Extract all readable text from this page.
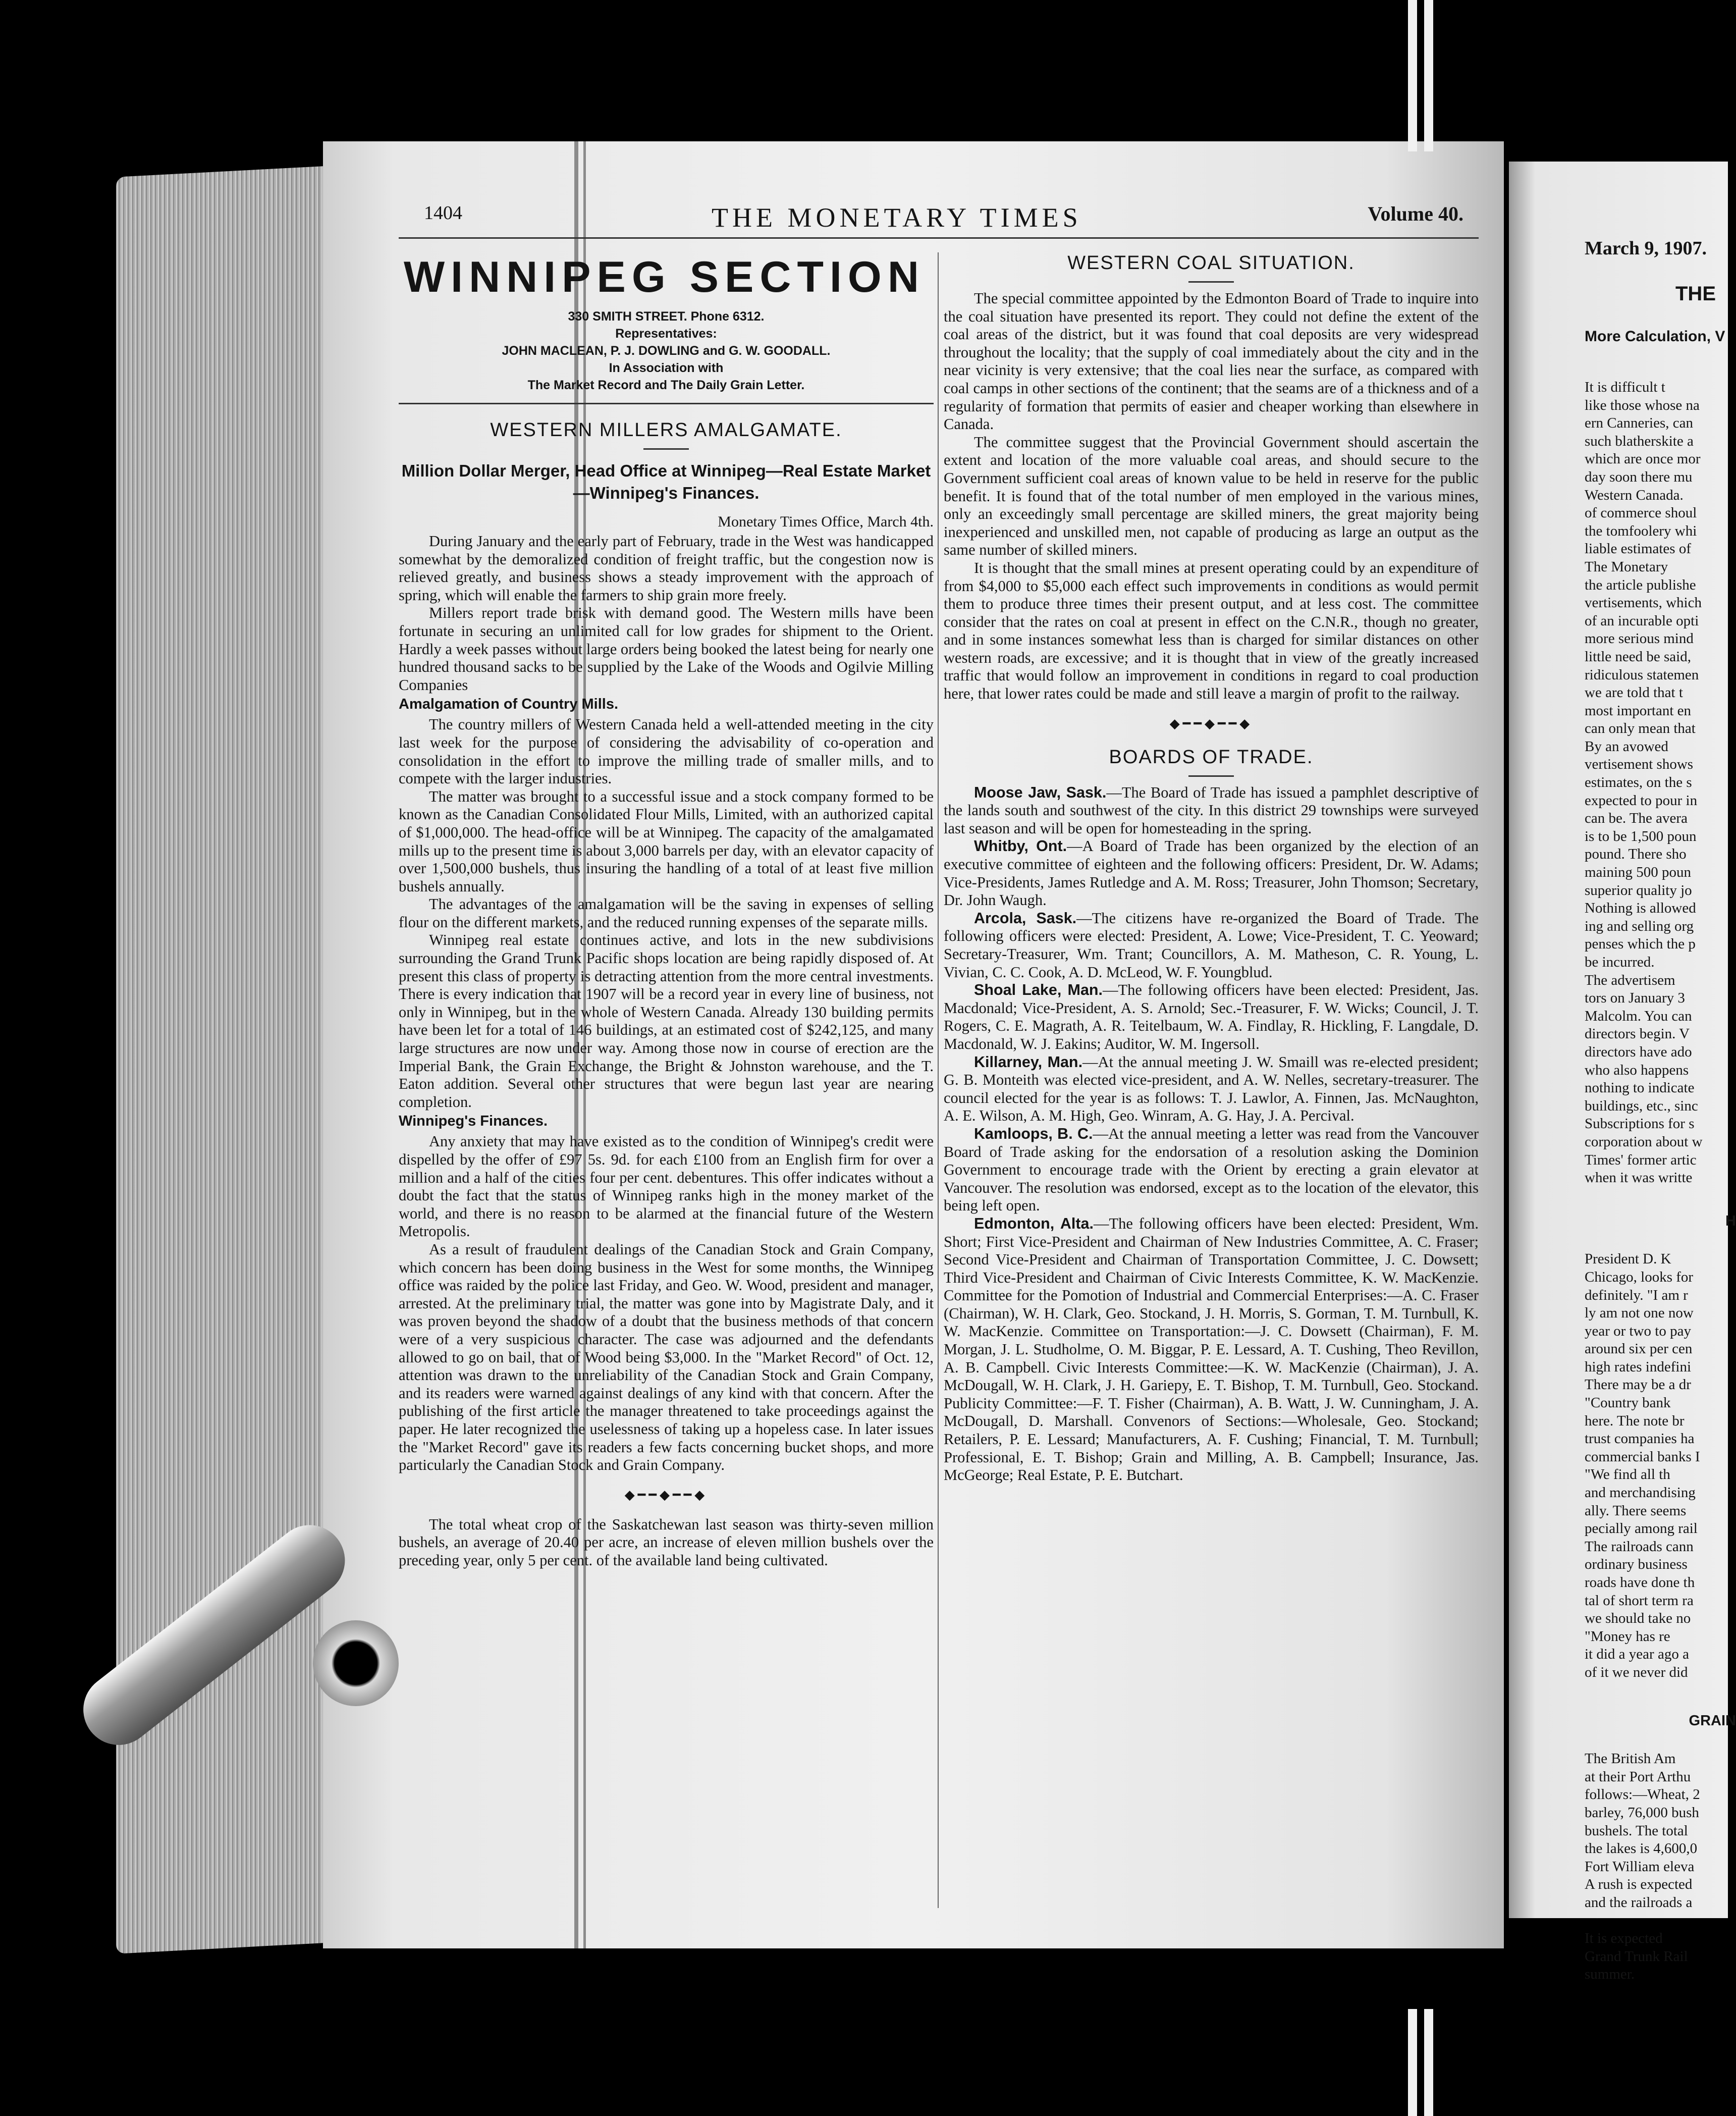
March 9, 1907.
THE
More Calculation, V
It is difficult t
like those whose na
ern Canneries, can
such blatherskite a
which are once mor
day soon there mu
Western Canada.
of commerce shoul
the tomfoolery whi
liable estimates of
The Monetary
the article publishe
vertisements, which
of an incurable opti
more serious mind
little need be said,
ridiculous statemen
we are told that t
most important en
can only mean that
By an avowed
vertisement shows
estimates, on the s
expected to pour in
can be. The avera
is to be 1,500 poun
pound. There sho
maining 500 poun
superior quality jo
Nothing is allowed
ing and selling org
penses which the p
be incurred.
The advertisem
tors on January 3
Malcolm. You can
directors begin. V
directors have ado
who also happens
nothing to indicate
buildings, etc., sinc
Subscriptions for s
corporation about w
Times' former artic
when it was writte
H
President D. K
Chicago, looks for
definitely. "I am r
ly am not one now
year or two to pay
around six per cen
high rates indefini
There may be a dr
"Country bank
here. The note br
trust companies ha
commercial banks I
"We find all th
and merchandising
ally. There seems
pecially among rail
The railroads cann
ordinary business
roads have done th
tal of short term ra
we should take no
"Money has re
it did a year ago a
of it we never did
GRAIN
The British Am
at their Port Arthu
follows:—Wheat, 2
barley, 76,000 bush
bushels. The total
the lakes is 4,600,0
Fort William eleva
A rush is expected
and the railroads a

It is expected
Grand Trunk Rail
summer.
1404	THE MONETARY TIMES	Volume 40.
WINNIPEG SECTION
330 SMITH STREET. Phone 6312.
Representatives:
JOHN MACLEAN, P. J. DOWLING and G. W. GOODALL.
In Association with
The Market Record and The Daily Grain Letter.
WESTERN MILLERS AMALGAMATE.
Million Dollar Merger, Head Office at Winnipeg—Real Estate Market—Winnipeg's Finances.
Monetary Times Office, March 4th.

During January and the early part of February, trade in the West was handicapped somewhat by the demoralized condition of freight traffic, but the congestion now is relieved greatly, and business shows a steady improvement with the approach of spring, which will enable the farmers to ship grain more freely.

Millers report trade brisk with demand good. The Western mills have been fortunate in securing an unlimited call for low grades for shipment to the Orient. Hardly a week passes without large orders being booked the latest being for nearly one hundred thousand sacks to be supplied by the Lake of the Woods and Ogilvie Milling Companies

Amalgamation of Country Mills.

The country millers of Western Canada held a well-attended meeting in the city last week for the purpose of considering the advisability of co-operation and consolidation in the effort to improve the milling trade of smaller mills, and to compete with the larger industries.

The matter was brought to a successful issue and a stock company formed to be known as the Canadian Consolidated Flour Mills, Limited, with an authorized capital of $1,000,000. The head-office will be at Winnipeg. The capacity of the amalgamated mills up to the present time is about 3,000 barrels per day, with an elevator capacity of over 1,500,000 bushels, thus insuring the handling of a total of at least five million bushels annually.

The advantages of the amalgamation will be the saving in expenses of selling flour on the different markets, and the reduced running expenses of the separate mills.

Winnipeg real estate continues active, and lots in the new subdivisions surrounding the Grand Trunk Pacific shops location are being rapidly disposed of. At present this class of property is detracting attention from the more central investments. There is every indication that 1907 will be a record year in every line of business, not only in Winnipeg, but in the whole of Western Canada. Already 130 building permits have been let for a total of 146 buildings, at an estimated cost of $242,125, and many large structures are now under way. Among those now in course of erection are the Imperial Bank, the Grain Exchange, the Bright & Johnston warehouse, and the T. Eaton addition. Several other structures that were begun last year are nearing completion.

Winnipeg's Finances.

Any anxiety that may have existed as to the condition of Winnipeg's credit were dispelled by the offer of £97 5s. 9d. for each £100 from an English firm for over a million and a half of the cities four per cent. debentures. This offer indicates without a doubt the fact that the status of Winnipeg ranks high in the money market of the world, and there is no reason to be alarmed at the financial future of the Western Metropolis.

As a result of fraudulent dealings of the Canadian Stock and Grain Company, which concern has been doing business in the West for some months, the Winnipeg office was raided by the police last Friday, and Geo. W. Wood, president and manager, arrested. At the preliminary trial, the matter was gone into by Magistrate Daly, and it was proven beyond the shadow of a doubt that the business methods of that concern were of a very suspicious character. The case was adjourned and the defendants allowed to go on bail, that of Wood being $3,000. In the "Market Record" of Oct. 12, attention was drawn to the unreliability of the Canadian Stock and Grain Company, and its readers were warned against dealings of any kind with that concern. After the publishing of the first article the manager threatened to take proceedings against the paper. He later recognized the uselessness of taking up a hopeless case. In later issues the "Market Record" gave its readers a few facts concerning bucket shops, and more particularly the Canadian Stock and Grain Company.

◆━━◆━━◆

The total wheat crop of the Saskatchewan last season was thirty-seven million bushels, an average of 20.40 per acre, an increase of eleven million bushels over the preceding year, only 5 per cent. of the available land being cultivated.

WESTERN COAL SITUATION.

The special committee appointed by the Edmonton Board of Trade to inquire into the coal situation have presented its report. They could not define the extent of the coal areas of the district, but it was found that coal deposits are very widespread throughout the locality; that the supply of coal immediately about the city and in the near vicinity is very extensive; that the coal lies near the surface, as compared with coal camps in other sections of the continent; that the seams are of a thickness and of a regularity of formation that permits of easier and cheaper working than elsewhere in Canada.

The committee suggest that the Provincial Government should ascertain the extent and location of the more valuable coal areas, and should secure to the Government sufficient coal areas of known value to be held in reserve for the public benefit. It is found that of the total number of men employed in the various mines, only an exceedingly small percentage are skilled miners, the great majority being inexperienced and unskilled men, not capable of producing as large an output as the same number of skilled miners.

It is thought that the small mines at present operating could by an expenditure of from $4,000 to $5,000 each effect such improvements in conditions as would permit them to produce three times their present output, and at less cost. The committee consider that the rates on coal at present in effect on the C.N.R., though no greater, and in some instances somewhat less than is charged for similar distances on other western roads, are excessive; and it is thought that in view of the greatly increased traffic that would follow an improvement in conditions in regard to coal production here, that lower rates could be made and still leave a margin of profit to the railway.

◆━━◆━━◆
BOARDS OF TRADE.

Moose Jaw, Sask.—The Board of Trade has issued a pamphlet descriptive of the lands south and southwest of the city. In this district 29 townships were surveyed last season and will be open for homesteading in the spring.

Whitby, Ont.—A Board of Trade has been organized by the election of an executive committee of eighteen and the following officers: President, Dr. W. Adams; Vice-Presidents, James Rutledge and A. M. Ross; Treasurer, John Thomson; Secretary, Dr. John Waugh.

Arcola, Sask.—The citizens have re-organized the Board of Trade. The following officers were elected: President, A. Lowe; Vice-President, T. C. Yeoward; Secretary-Treasurer, Wm. Trant; Councillors, A. M. Matheson, C. R. Young, L. Vivian, C. C. Cook, A. D. McLeod, W. F. Youngblud.

Shoal Lake, Man.—The following officers have been elected: President, Jas. Macdonald; Vice-President, A. S. Arnold; Sec.-Treasurer, F. W. Wicks; Council, J. T. Rogers, C. E. Magrath, A. R. Teitelbaum, W. A. Findlay, R. Hickling, F. Langdale, D. Macdonald, W. J. Eakins; Auditor, W. M. Ingersoll.

Killarney, Man.—At the annual meeting J. W. Smaill was re-elected president; G. B. Monteith was elected vice-president, and A. W. Nelles, secretary-treasurer. The council elected for the year is as follows: T. J. Lawlor, A. Finnen, Jas. McNaughton, A. E. Wilson, A. M. High, Geo. Winram, A. G. Hay, J. A. Percival.

Kamloops, B. C.—At the annual meeting a letter was read from the Vancouver Board of Trade asking for the endorsation of a resolution asking the Dominion Government to encourage trade with the Orient by erecting a grain elevator at Vancouver. The resolution was endorsed, except as to the location of the elevator, this being left open.

Edmonton, Alta.—The following officers have been elected: President, Wm. Short; First Vice-President and Chairman of New Industries Committee, A. C. Fraser; Second Vice-President and Chairman of Transportation Committee, J. C. Dowsett; Third Vice-President and Chairman of Civic Interests Committee, K. W. MacKenzie. Committee for the Pomotion of Industrial and Commercial Enterprises:—A. C. Fraser (Chairman), W. H. Clark, Geo. Stockand, J. H. Morris, S. Gorman, T. M. Turnbull, K. W. MacKenzie. Committee on Transportation:—J. C. Dowsett (Chairman), F. M. Morgan, J. L. Studholme, O. M. Biggar, P. E. Lessard, A. T. Cushing, Theo Revillon, A. B. Campbell. Civic Interests Committee:—K. W. MacKenzie (Chairman), J. A. McDougall, W. H. Clark, J. H. Gariepy, E. T. Bishop, T. M. Turnbull, Geo. Stockand. Publicity Committee:—F. T. Fisher (Chairman), A. B. Watt, J. W. Cunningham, J. A. McDougall, D. Marshall. Convenors of Sections:—Wholesale, Geo. Stockand; Retailers, P. E. Lessard; Manufacturers, A. F. Cushing; Financial, T. M. Turnbull; Professional, E. T. Bishop; Grain and Milling, A. B. Campbell; Insurance, Jas. McGeorge; Real Estate, P. E. Butchart.
